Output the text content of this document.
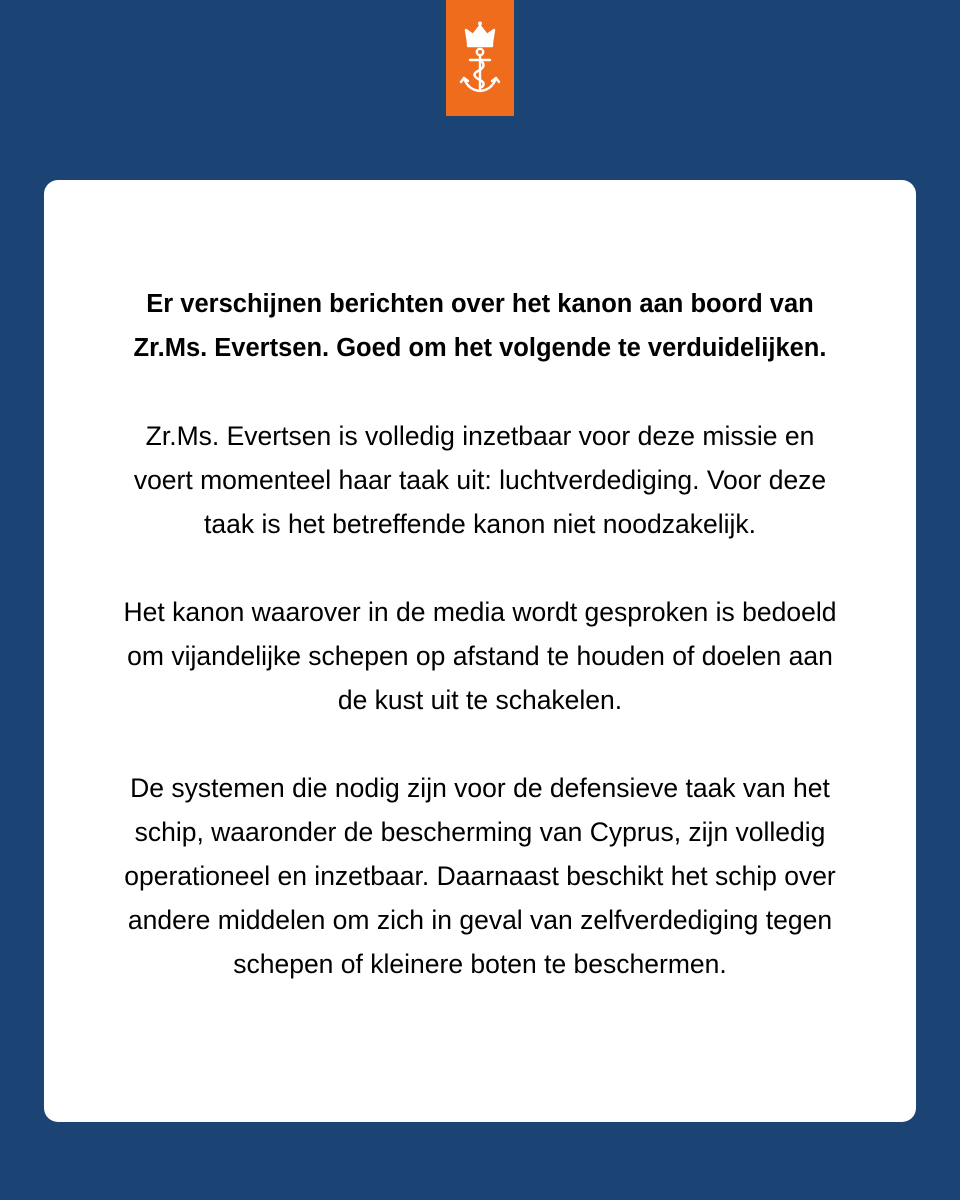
Er verschijnen berichten over het kanon aan boord van
Zr.Ms. Evertsen. Goed om het volgende te verduidelijken.

Zr.Ms. Evertsen is volledig inzetbaar voor deze missie en
voert momenteel haar taak uit: luchtverdediging. Voor deze
taak is het betreffende kanon niet noodzakelijk.

Het kanon waarover in de media wordt gesproken is bedoeld
om vijandelijke schepen op afstand te houden of doelen aan
de kust uit te schakelen.

De systemen die nodig zijn voor de defensieve taak van het
schip, waaronder de bescherming van Cyprus, zijn volledig
operationeel en inzetbaar. Daarnaast beschikt het schip over
andere middelen om zich in geval van zelfverdediging tegen
schepen of kleinere boten te beschermen.
